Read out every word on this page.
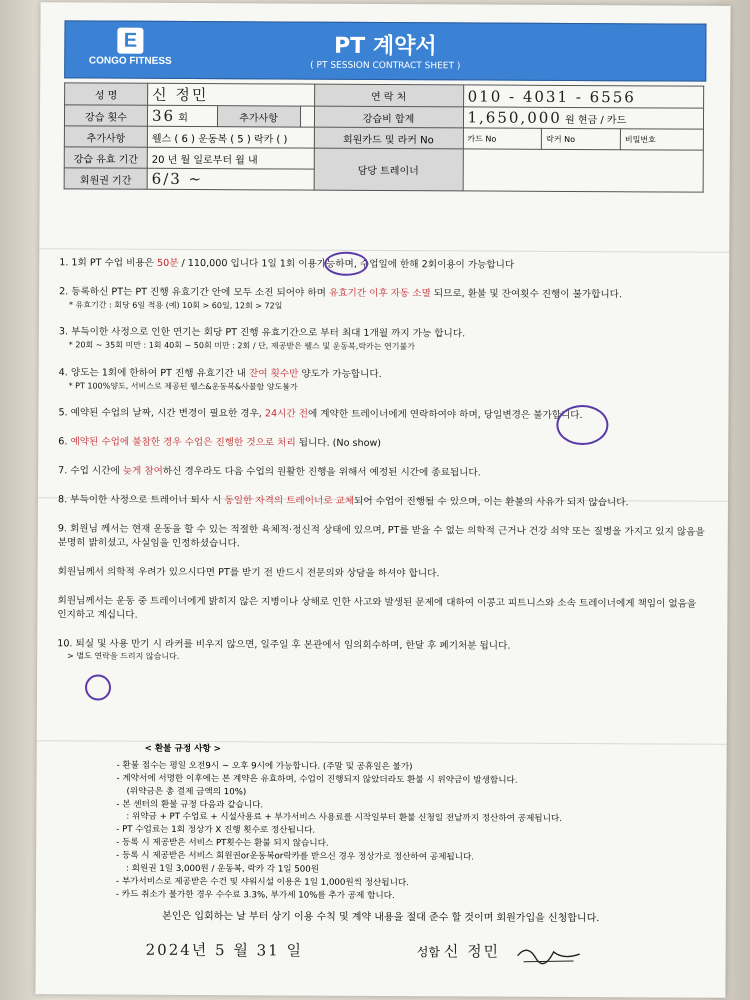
E
CONGO FITNESS
PT 계약서
( PT SESSION CONTRACT SHEET )
성 명	신 정민			연 락 처	010 - 4031 - 6556		
강습 횟수	36 회	추가사항		강습비 합계	1,650,000 원 현금 / 카드		
추가사항	웰스 ( 6 ) 운동복 ( 5 ) 락카 ( )			회원카드 및 라커 No	카드 No	락커 No	비밀번호
강습 유효 기간	20 년 월 일로부터 월 내			담당 트레이너			
회원권 기간	6/3 ~						
1. 1회 PT 수업 비용은 50분 / 110,000 입니다 1일 1회 이용가능하며, 수업일에 한해 2회이용이 가능합니다
2. 등록하신 PT는 PT 진행 유효기간 안에 모두 소진 되어야 하며 유효기간 이후 자동 소멸 되므로, 환불 및 잔여횟수 진행이 불가합니다.
* 유효기간 : 회당 6일 적용 (예) 10회 > 60일, 12회 > 72일
3. 부득이한 사정으로 인한 연기는 회당 PT 진행 유효기간으로 부터 최대 1개월 까지 가능 합니다.
* 20회 ~ 35회 미만 : 1회 40회 ~ 50회 미만 : 2회 / 단, 제공받은 웰스 및 운동복,락카는 연기불가
4. 양도는 1회에 한하여 PT 진행 유효기간 내 잔여 횟수만 양도가 가능합니다.
* PT 100%양도, 서비스로 제공된 웰스&운동복&사물함 양도불가
5. 예약된 수업의 날짜, 시간 변경이 필요한 경우, 24시간 전에 계약한 트레이너에게 연락하여야 하며, 당일변경은 불가합니다.
6. 예약된 수업에 불참한 경우 수업은 진행한 것으로 처리 됩니다. (No show)
7. 수업 시간에 늦게 참여하신 경우라도 다음 수업의 원활한 진행을 위해서 예정된 시간에 종료됩니다.
8. 부득이한 사정으로 트레이너 퇴사 시 동일한 자격의 트레이너로 교체되어 수업이 진행될 수 있으며, 이는 환불의 사유가 되지 않습니다.
9. 회원님 께서는 현재 운동을 할 수 있는 적절한 육체적·정신적 상태에 있으며, PT를 받을 수 없는 의학적 근거나 건강 쇠약 또는 질병을 가지고 있지 않음을 분명히 밝히셨고, 사실임을 인정하셨습니다.
회원님께서 의학적 우려가 있으시다면 PT를 받기 전 반드시 전문의와 상담을 하셔야 합니다.
회원님께서는 운동 중 트레이너에게 밝히지 않은 지병이나 상해로 인한 사고와 발생된 문제에 대하여 이콩고 피트니스와 소속 트레이너에게 책임이 없음을 인지하고 계십니다.
10. 퇴실 및 사용 만기 시 라커를 비우지 않으면, 일주일 후 본관에서 임의회수하며, 한달 후 폐기처분 됩니다.
> 별도 연락을 드리지 않습니다.
< 환불 규정 사항 >
- 환불 접수는 평일 오전9시 ~ 오후 9시에 가능합니다. (주말 및 공휴일은 불가)
- 계약서에 서명한 이후에는 본 계약은 유효하며, 수업이 진행되지 않았더라도 환불 시 위약금이 발생합니다.
(위약금은 총 결제 금액의 10%)
- 본 센터의 환불 규정 다음과 같습니다.
: 위약금 + PT 수업료 + 시설사용료 + 부가서비스 사용료를 시작일부터 환불 신청일 전날까지 정산하여 공제됩니다.
- PT 수업료는 1회 정상가 X 진행 횟수로 정산됩니다.
- 등록 시 제공받은 서비스 PT횟수는 환불 되지 않습니다.
- 등록 시 제공받은 서비스 회원권or운동복or락카를 받으신 경우 정상가로 정산하여 공제됩니다.
: 회원권 1일 3,000원 / 운동복, 락카 각 1일 500원
- 부가서비스로 제공받은 수건 및 샤워시설 이용은 1일 1,000원씩 정산됩니다.
- 카드 취소가 불가한 경우 수수료 3.3%, 부가세 10%를 추가 공제 합니다.
본인은 입회하는 날 부터 상기 이용 수칙 및 계약 내용을 절대 준수 할 것이며 회원가입을 신청합니다.
2024년 5 월 31 일	성함 신 정민
